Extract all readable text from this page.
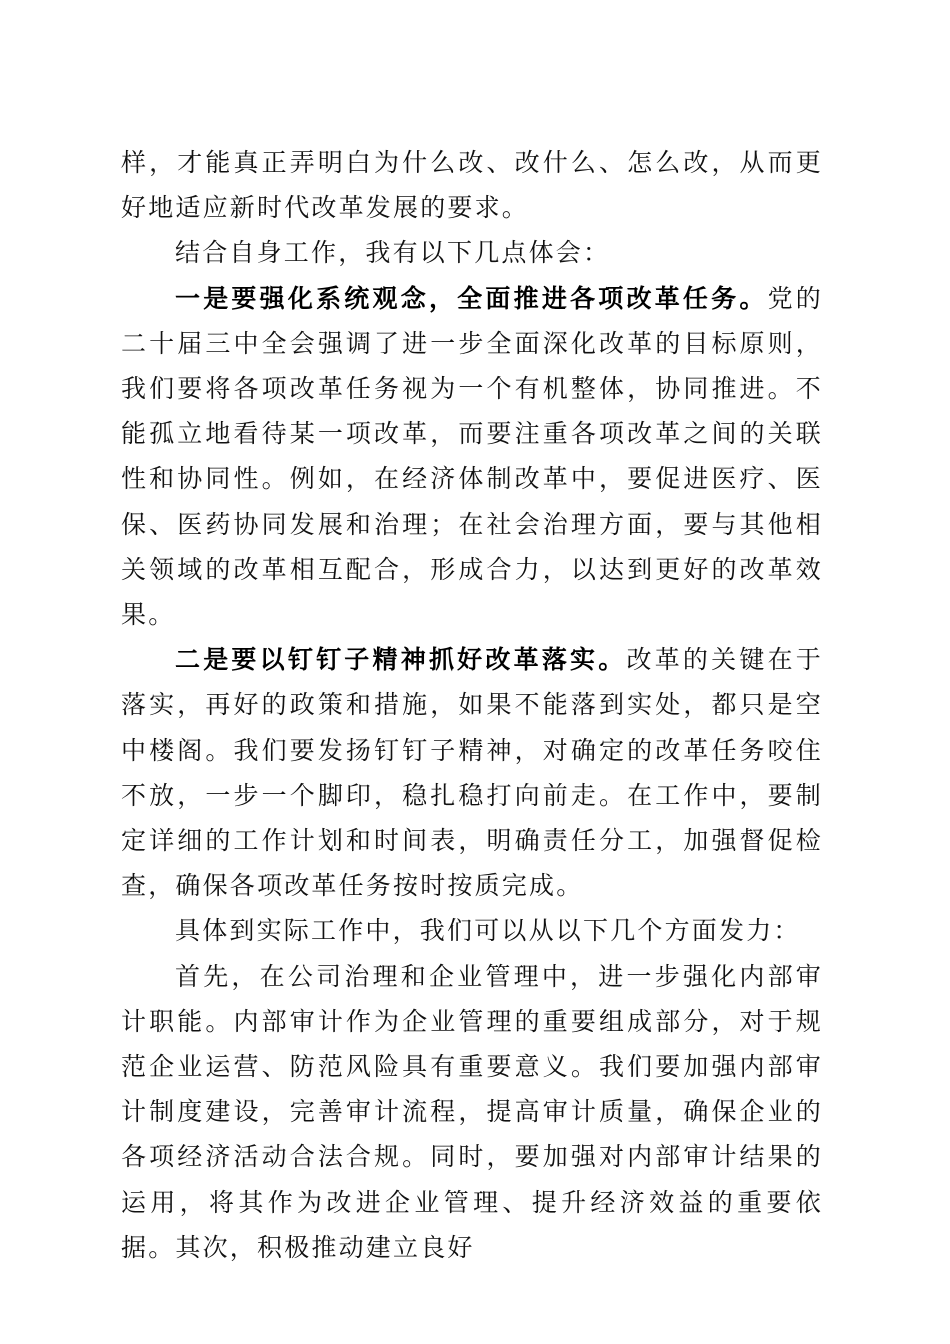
样，才能真正弄明白为什么改、改什么、怎么改，从而更好地适应新时代改革发展的要求。

结合自身工作，我有以下几点体会：

一是要强化系统观念，全面推进各项改革任务。党的二十届三中全会强调了进一步全面深化改革的目标原则，我们要将各项改革任务视为一个有机整体，协同推进。不能孤立地看待某一项改革，而要注重各项改革之间的关联性和协同性。例如，在经济体制改革中，要促进医疗、医保、医药协同发展和治理；在社会治理方面，要与其他相关领域的改革相互配合，形成合力，以达到更好的改革效果。

二是要以钉钉子精神抓好改革落实。改革的关键在于落实，再好的政策和措施，如果不能落到实处，都只是空中楼阁。我们要发扬钉钉子精神，对确定的改革任务咬住不放，一步一个脚印，稳扎稳打向前走。在工作中，要制定详细的工作计划和时间表，明确责任分工，加强督促检查，确保各项改革任务按时按质完成。

具体到实际工作中，我们可以从以下几个方面发力：

首先，在公司治理和企业管理中，进一步强化内部审计职能。内部审计作为企业管理的重要组成部分，对于规范企业运营、防范风险具有重要意义。我们要加强内部审计制度建设，完善审计流程，提高审计质量，确保企业的各项经济活动合法合规。同时，要加强对内部审计结果的运用，将其作为改进企业管理、提升经济效益的重要依据。其次，积极推动建立良好
